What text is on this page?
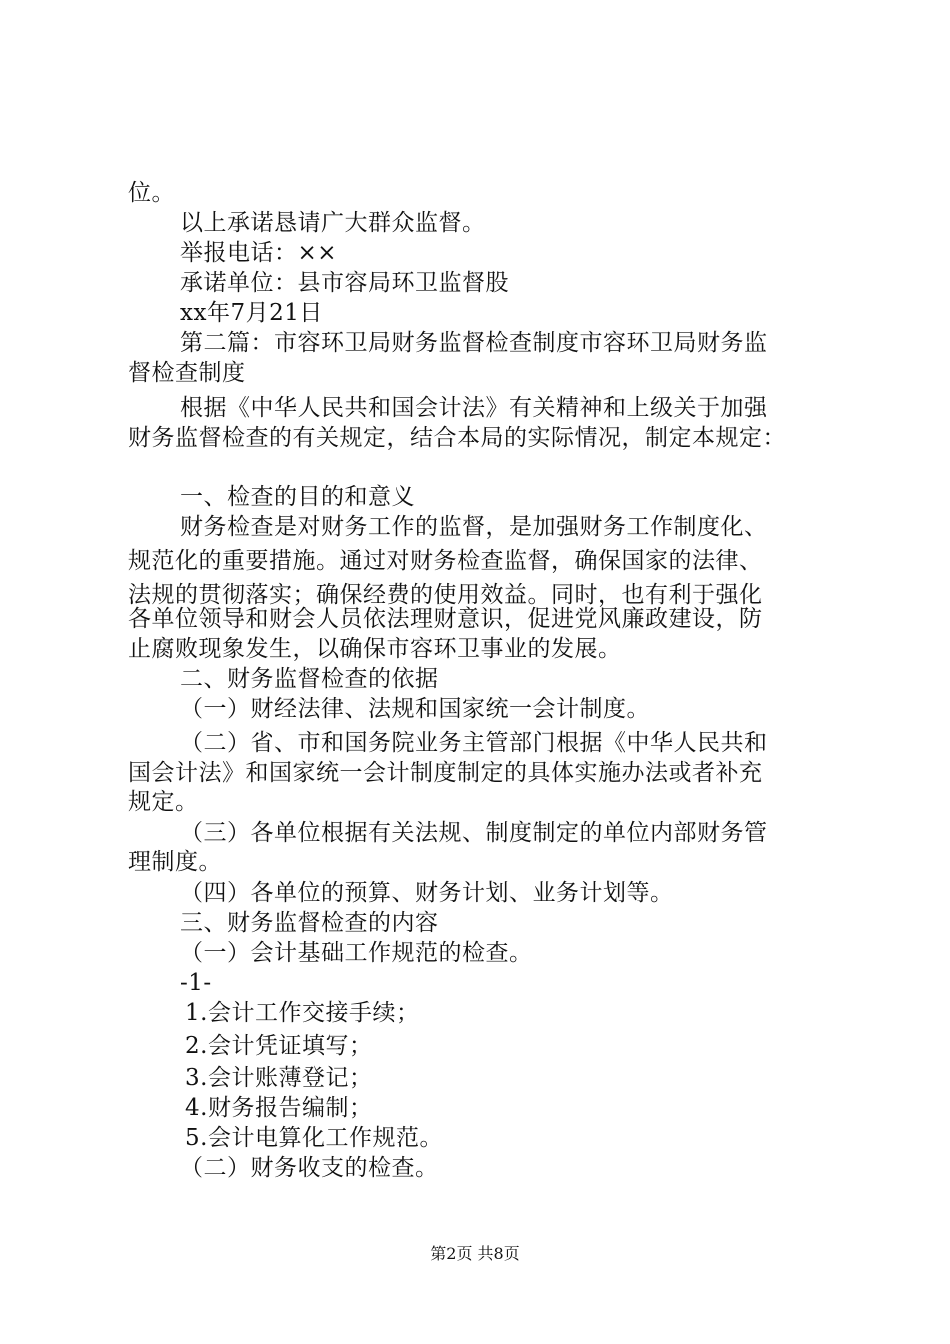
位。
以上承诺恳请广大群众监督。
举报电话：××
承诺单位：县市容局环卫监督股
xx年7月21日
第二篇：市容环卫局财务监督检查制度市容环卫局财务监
督检查制度
根据《中华人民共和国会计法》有关精神和上级关于加强
财务监督检查的有关规定，结合本局的实际情况，制定本规定：
一、检查的目的和意义
财务检查是对财务工作的监督，是加强财务工作制度化、
规范化的重要措施。通过对财务检查监督，确保国家的法律、
法规的贯彻落实；确保经费的使用效益。同时，也有利于强化
各单位领导和财会人员依法理财意识，促进党风廉政建设，防
止腐败现象发生，以确保市容环卫事业的发展。
二、财务监督检查的依据
（一）财经法律、法规和国家统一会计制度。
（二）省、市和国务院业务主管部门根据《中华人民共和
国会计法》和国家统一会计制度制定的具体实施办法或者补充
规定。
（三）各单位根据有关法规、制度制定的单位内部财务管
理制度。
（四）各单位的预算、财务计划、业务计划等。
三、财务监督检查的内容
（一）会计基础工作规范的检查。
-1-
1.会计工作交接手续；
2.会计凭证填写；
3.会计账薄登记；
4.财务报告编制；
5.会计电算化工作规范。
（二）财务收支的检查。
第2页 共8页
